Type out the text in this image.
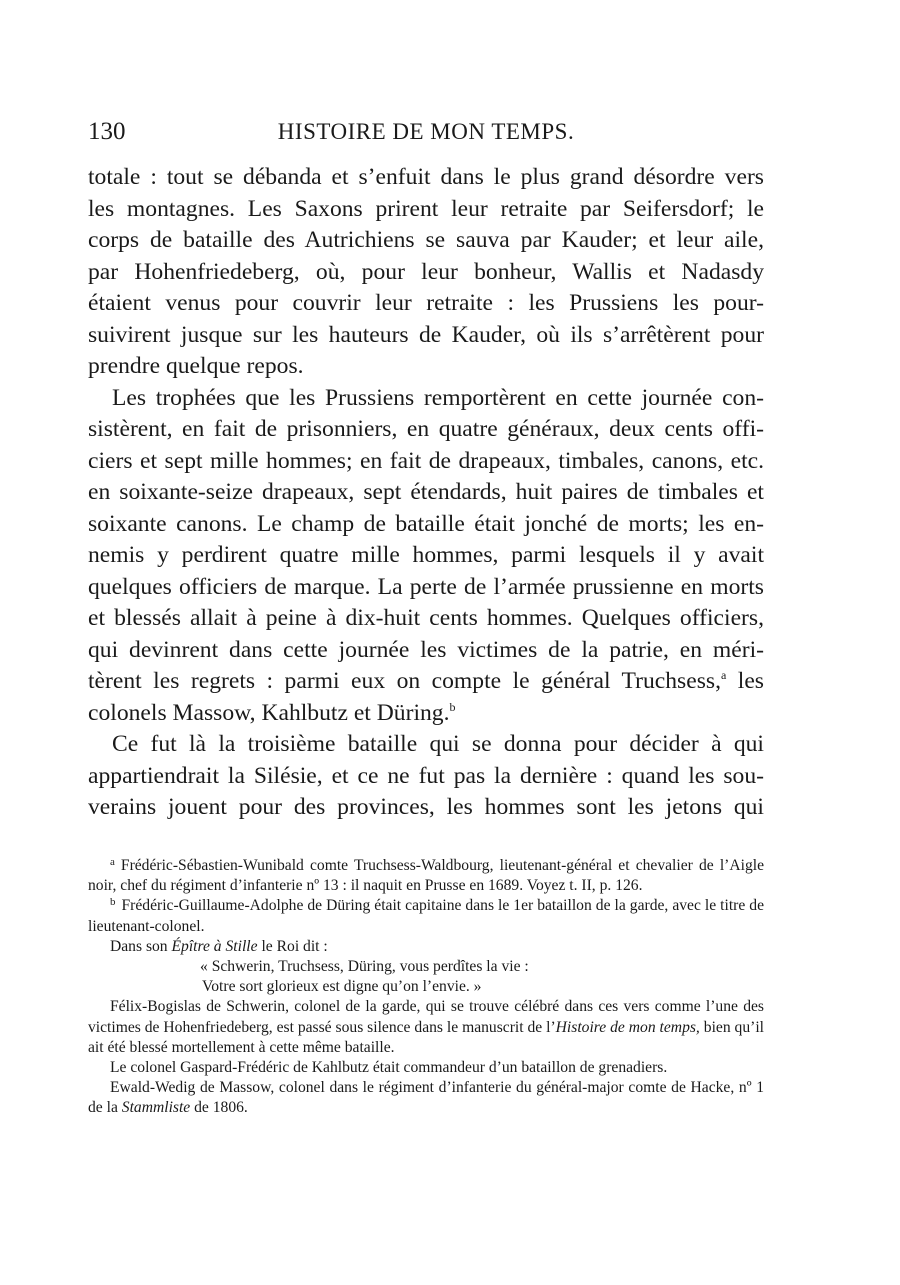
130	HISTOIRE DE MON TEMPS.

totale : tout se débanda et s’enfuit dans le plus grand désordre vers
les montagnes. Les Saxons prirent leur retraite par Seifersdorf; le
corps de bataille des Autrichiens se sauva par Kauder; et leur aile,
par Hohenfriedeberg, où, pour leur bonheur, Wallis et Nadasdy
étaient venus pour couvrir leur retraite : les Prussiens les pour-
suivirent jusque sur les hauteurs de Kauder, où ils s’arrêtèrent pour
prendre quelque repos.

Les trophées que les Prussiens remportèrent en cette journée con-
sistèrent, en fait de prisonniers, en quatre généraux, deux cents offi-
ciers et sept mille hommes; en fait de drapeaux, timbales, canons, etc.
en soixante-seize drapeaux, sept étendards, huit paires de timbales et
soixante canons. Le champ de bataille était jonché de morts; les en-
nemis y perdirent quatre mille hommes, parmi lesquels il y avait
quelques officiers de marque. La perte de l’armée prussienne en morts
et blessés allait à peine à dix-huit cents hommes. Quelques officiers,
qui devinrent dans cette journée les victimes de la patrie, en méri-
tèrent les regrets : parmi eux on compte le général Truchsess,$^a$ les
colonels Massow, Kahlbutz et Düring.$^b$

Ce fut là la troisième bataille qui se donna pour décider à qui
appartiendrait la Silésie, et ce ne fut pas la dernière : quand les sou-
verains jouent pour des provinces, les hommes sont les jetons qui

$^a$ Frédéric-Sébastien-Wunibald comte Truchsess-Waldbourg, lieutenant-général et chevalier de l’Aigle noir, chef du régiment d’infanterie nº 13 : il naquit en Prusse en 1689. Voyez t. II, p. 126.

$^b$ Frédéric-Guillaume-Adolphe de Düring était capitaine dans le 1er bataillon de la garde, avec le titre de lieutenant-colonel.

Dans son Épître à Stille le Roi dit :

« Schwerin, Truchsess, Düring, vous perdîtes la vie :
Votre sort glorieux est digne qu’on l’envie. »

Félix-Bogislas de Schwerin, colonel de la garde, qui se trouve célébré dans ces vers comme l’une des victimes de Hohenfriedeberg, est passé sous silence dans le manuscrit de l’Histoire de mon temps, bien qu’il ait été blessé mortellement à cette même bataille.

Le colonel Gaspard-Frédéric de Kahlbutz était commandeur d’un bataillon de grenadiers.

Ewald-Wedig de Massow, colonel dans le régiment d’infanterie du général-major comte de Hacke, nº 1 de la Stammliste de 1806.
